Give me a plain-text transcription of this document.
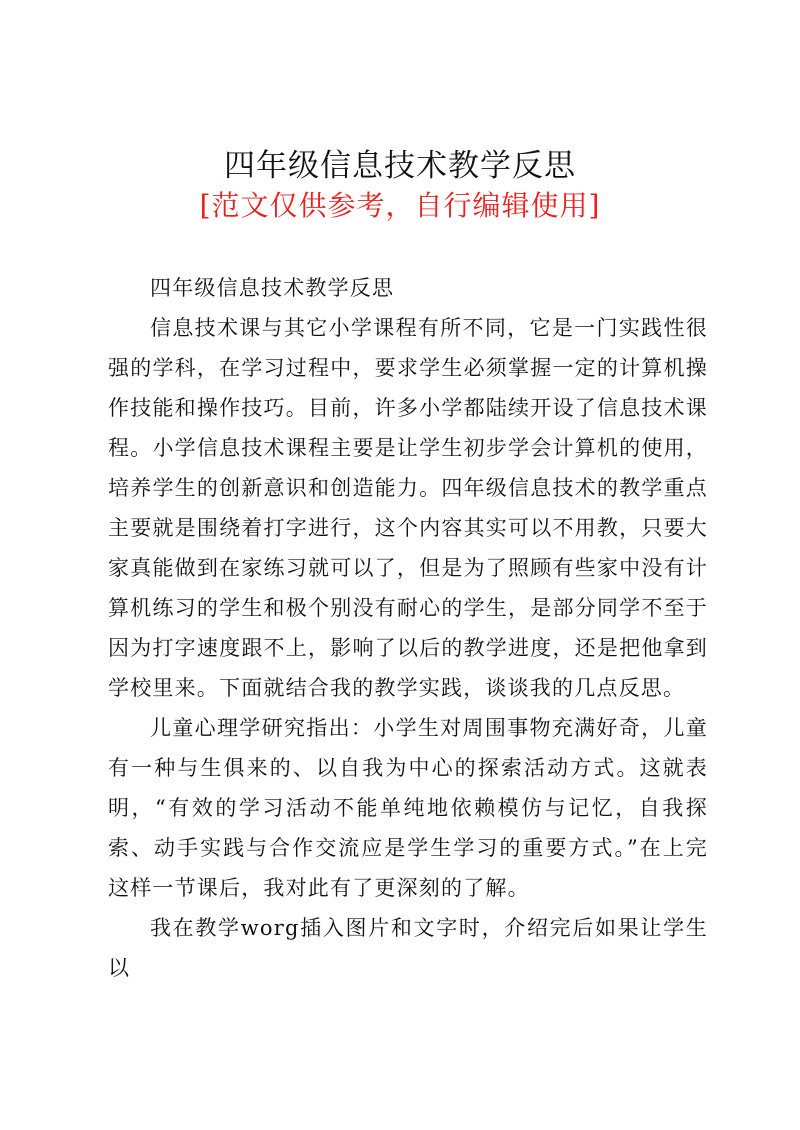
四年级信息技术教学反思
[范文仅供参考，自行编辑使用]

四年级信息技术教学反思

信息技术课与其它小学课程有所不同，它是一门实践性很强的学科，在学习过程中，要求学生必须掌握一定的计算机操作技能和操作技巧。目前，许多小学都陆续开设了信息技术课程。小学信息技术课程主要是让学生初步学会计算机的使用，培养学生的创新意识和创造能力。四年级信息技术的教学重点主要就是围绕着打字进行，这个内容其实可以不用教，只要大家真能做到在家练习就可以了，但是为了照顾有些家中没有计算机练习的学生和极个别没有耐心的学生，是部分同学不至于因为打字速度跟不上，影响了以后的教学进度，还是把他拿到学校里来。下面就结合我的教学实践，谈谈我的几点反思。

儿童心理学研究指出：小学生对周围事物充满好奇，儿童有一种与生俱来的、以自我为中心的探索活动方式。这就表明，“有效的学习活动不能单纯地依赖模仿与记忆，自我探索、动手实践与合作交流应是学生学习的重要方式。”在上完这样一节课后，我对此有了更深刻的了解。

我在教学worg插入图片和文字时，介绍完后如果让学生以
